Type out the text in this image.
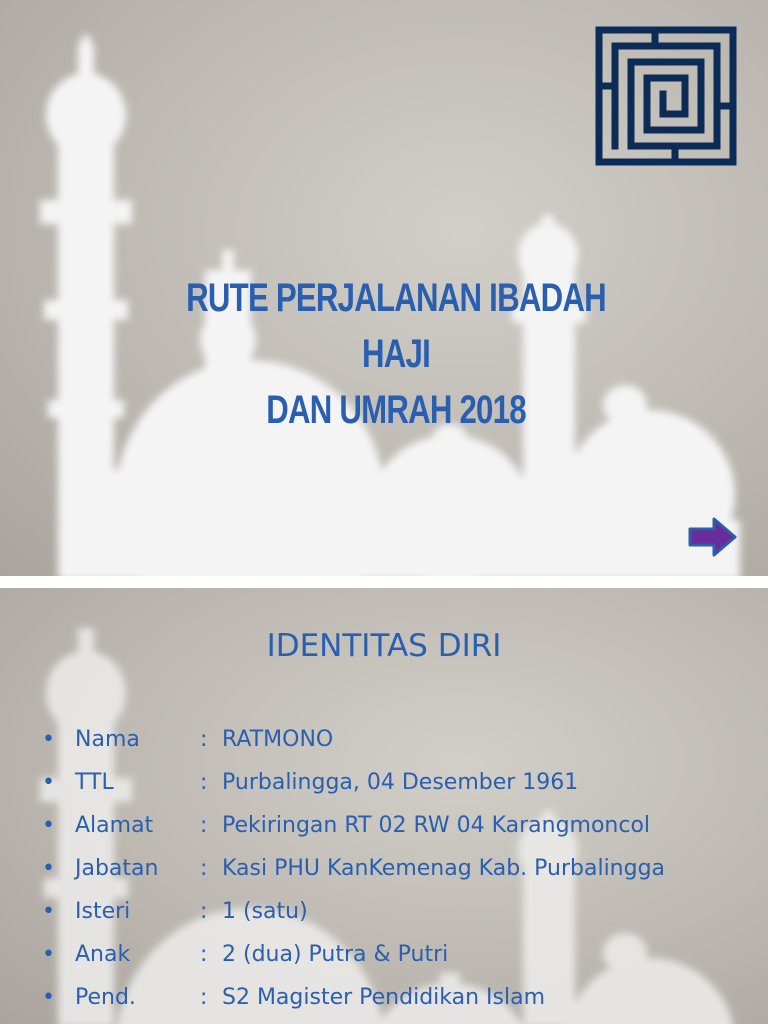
RUTE PERJALANAN IBADAH HAJI
DAN UMRAH 2018
IDENTITAS DIRI
• Nama	: RATMONO
• TTL	: Purbalingga, 04 Desember 1961
• Alamat	: Pekiringan RT 02 RW 04 Karangmoncol
• Jabatan	: Kasi PHU KanKemenag Kab. Purbalingga
• Isteri	: 1 (satu)
• Anak	: 2 (dua) Putra & Putri
• Pend.	: S2 Magister Pendidikan Islam
